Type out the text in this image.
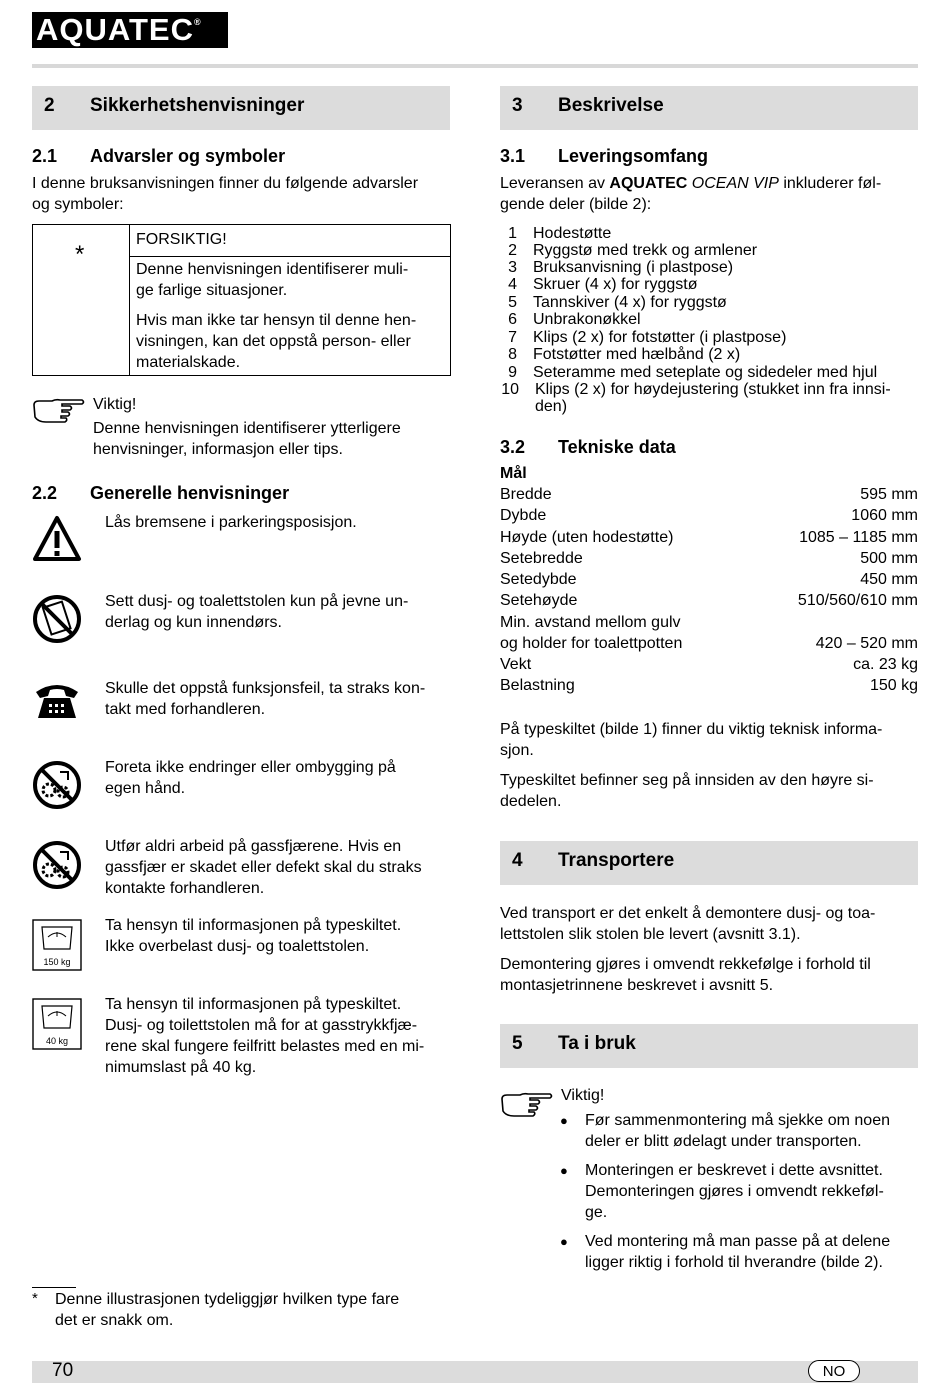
AQUATEC®
2 Sikkerhetshenvisninger
2.1 Advarsler og symboler
I denne bruksanvisningen finner du følgende advarsler
og symboler:
*
FORSIKTIG!
Denne henvisningen identifiserer muli-
ge farlige situasjoner.
Hvis man ikke tar hensyn til denne hen-
visningen, kan det oppstå person- eller
materialskade.
Viktig!
Denne henvisningen identifiserer ytterligere
henvisninger, informasjon eller tips.
2.2 Generelle henvisninger
150 kg
40 kg
Lås bremsene i parkeringsposisjon.
Sett dusj- og toalettstolen kun på jevne un-
derlag og kun innendørs.
Skulle det oppstå funksjonsfeil, ta straks kon-
takt med forhandleren.
Foreta ikke endringer eller ombygging på
egen hånd.
Utfør aldri arbeid på gassfjærene. Hvis en
gassfjær er skadet eller defekt skal du straks
kontakte forhandleren.
Ta hensyn til informasjonen på typeskiltet.
Ikke overbelast dusj- og toalettstolen.
Ta hensyn til informasjonen på typeskiltet.
Dusj- og toilettstolen må for at gasstrykkfjæ-
rene skal fungere feilfritt belastes med en mi-
nimumslast på 40 kg.
* Denne illustrasjonen tydeliggjør hvilken type fare
det er snakk om.
3 Beskrivelse
3.1 Leveringsomfang
Leveransen av AQUATEC OCEAN VIP inkluderer føl-
gende deler (bilde 2):
1 Hodestøtte
2 Ryggstø med trekk og armlener
3 Bruksanvisning (i plastpose)
4 Skruer (4 x) for ryggstø
5 Tannskiver (4 x) for ryggstø
6 Unbrakonøkkel
7 Klips (2 x) for fotstøtter (i plastpose)
8 Fotstøtter med hælbånd (2 x)
9 Seteramme med seteplate og sidedeler med hjul
10 Klips (2 x) for høydejustering (stukket inn fra innsi-
den)
3.2 Tekniske data
Mål
Bredde	595 mm
Dybde	1060 mm
Høyde (uten hodestøtte)	1085 – 1185 mm
Setebredde	500 mm
Setedybde	450 mm
Setehøyde	510/560/610 mm
Min. avstand mellom gulv
og holder for toalettpotten	420 – 520 mm
Vekt	ca. 23 kg
Belastning	150 kg
På typeskiltet (bilde 1) finner du viktig teknisk informa-
sjon.
Typeskiltet befinner seg på innsiden av den høyre si-
dedelen.
4 Transportere
Ved transport er det enkelt å demontere dusj- og toa-
lettstolen slik stolen ble levert (avsnitt 3.1).
Demontering gjøres i omvendt rekkefølge i forhold til
montasjetrinnene beskrevet i avsnitt 5.
5 Ta i bruk
Viktig!
● Før sammenmontering må sjekke om noen
deler er blitt ødelagt under transporten.
● Monteringen er beskrevet i dette avsnittet.
Demonteringen gjøres i omvendt rekkeføl-
ge.
● Ved montering må man passe på at delene
ligger riktig i forhold til hverandre (bilde 2).
70	NO
